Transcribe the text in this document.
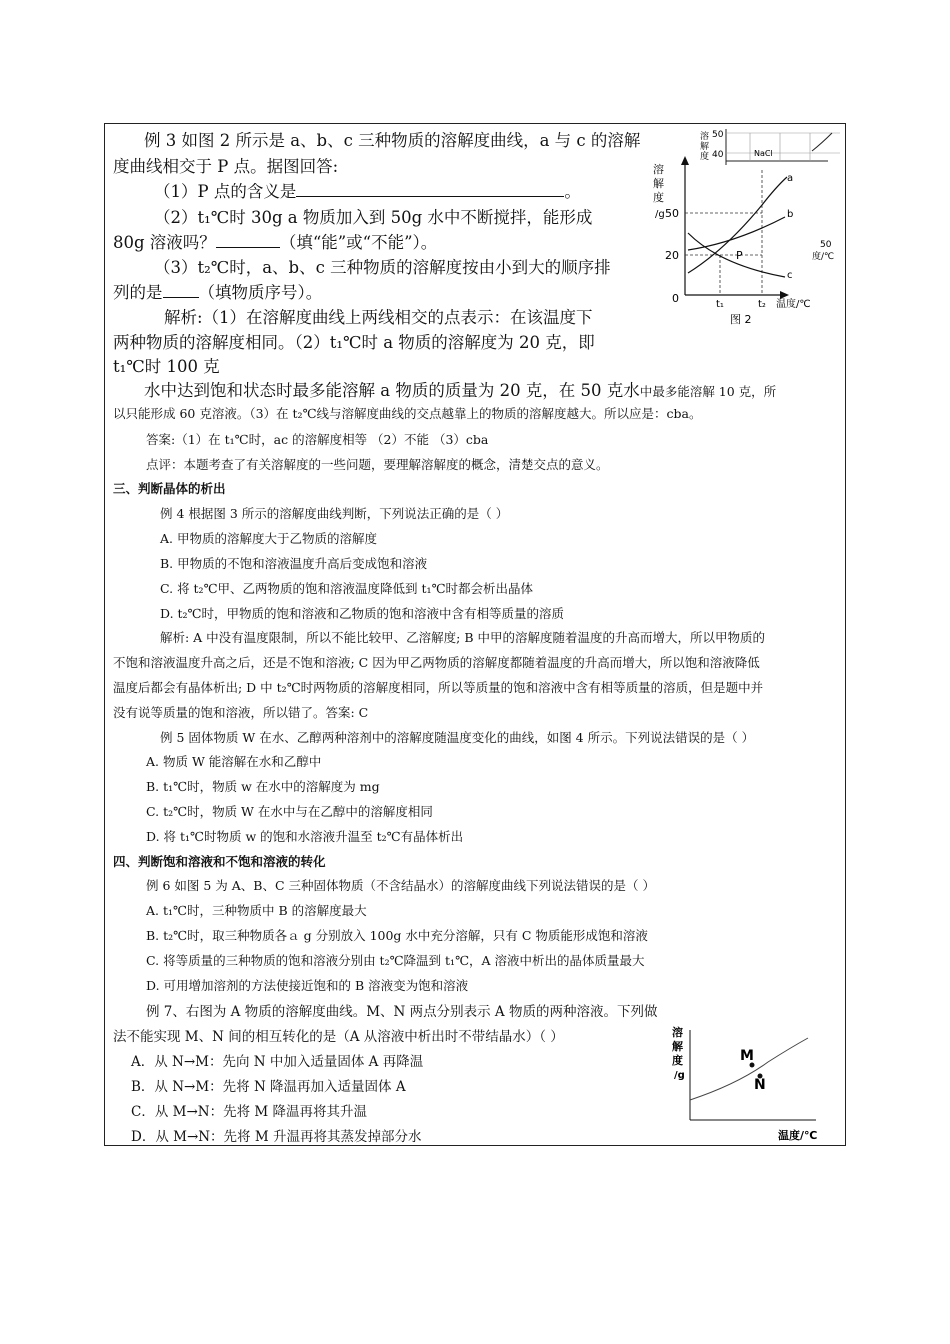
例 3 如图 2 所示是 a、b、c 三种物质的溶解度曲线，a 与 c 的溶解
度曲线相交于 P 点。据图回答:
（1）P 点的含义是	。
（2）t₁℃时 30g a 物质加入到 50g 水中不断搅拌，能形成
80g 溶液吗？	（填“能”或“不能”）。
（3）t₂℃时，a、b、c 三种物质的溶解度按由小到大的顺序排
列的是 （填物质序号）。
解析:（1）在溶解度曲线上两线相交的点表示：在该温度下
两种物质的溶解度相同。（2）t₁℃时 a 物质的溶解度为 20 克，即
t₁℃时 100 克
水中达到饱和状态时最多能溶解 a 物质的质量为 20 克，在 50 克水中最多能溶解 10 克，所
以只能形成 60 克溶液。（3）在 t₂℃线与溶解度曲线的交点越靠上的物质的溶解度越大。所以应是：cba。
答案:（1）在 t₁℃时，ac 的溶解度相等 （2）不能 （3）cba
点评：本题考查了有关溶解度的一些问题，要理解溶解度的概念，清楚交点的意义。
溶
解
度
50
40	NaCl
溶
解
度
/g 50
20
0
a
b
c
P
t₁	t₂ 温度/℃
图 2
50
度/℃
三、判断晶体的析出
例 4 根据图 3 所示的溶解度曲线判断，下列说法正确的是（ ）
A. 甲物质的溶解度大于乙物质的溶解度
B. 甲物质的不饱和溶液温度升高后变成饱和溶液
C. 将 t₂℃甲、乙两物质的饱和溶液温度降低到 t₁℃时都会析出晶体
D. t₂℃时，甲物质的饱和溶液和乙物质的饱和溶液中含有相等质量的溶质
解析: A 中没有温度限制，所以不能比较甲、乙溶解度; B 中甲的溶解度随着温度的升高而增大，所以甲物质的
不饱和溶液温度升高之后，还是不饱和溶液; C 因为甲乙两物质的溶解度都随着温度的升高而增大，所以饱和溶液降低
温度后都会有晶体析出; D 中 t₂℃时两物质的溶解度相同，所以等质量的饱和溶液中含有相等质量的溶质，但是题中并
没有说等质量的饱和溶液，所以错了。答案: C
例 5 固体物质 W 在水、乙醇两种溶剂中的溶解度随温度变化的曲线，如图 4 所示。下列说法错误的是（ ）
A. 物质 W 能溶解在水和乙醇中
B. t₁℃时，物质 w 在水中的溶解度为 mg
C. t₂℃时，物质 W 在水中与在乙醇中的溶解度相同
D. 将 t₁℃时物质 w 的饱和水溶液升温至 t₂℃有晶体析出
四、判断饱和溶液和不饱和溶液的转化
例 6 如图 5 为 A、B、C 三种固体物质（不含结晶水）的溶解度曲线下列说法错误的是（ ）
A. t₁℃时，三种物质中 B 的溶解度最大
B. t₂℃时，取三种物质各ａ g 分别放入 100g 水中充分溶解，只有 C 物质能形成饱和溶液
C. 将等质量的三种物质的饱和溶液分别由 t₂℃降温到 t₁℃，A 溶液中析出的晶体质量最大
D. 可用增加溶剂的方法使接近饱和的 B 溶液变为饱和溶液
例 7、右图为 A 物质的溶解度曲线。M、N 两点分别表示 A 物质的两种溶液。下列做
法不能实现 M、N 间的相互转化的是（A 从溶液中析出时不带结晶水）（ ）
A．从 N→M：先向 N 中加入适量固体 A 再降温
B．从 N→M：先将 N 降温再加入适量固体 A
C．从 M→N：先将 M 降温再将其升温
D．从 M→N：先将 M 升温再将其蒸发掉部分水
溶
解
度
/g
M
N
温度/℃
